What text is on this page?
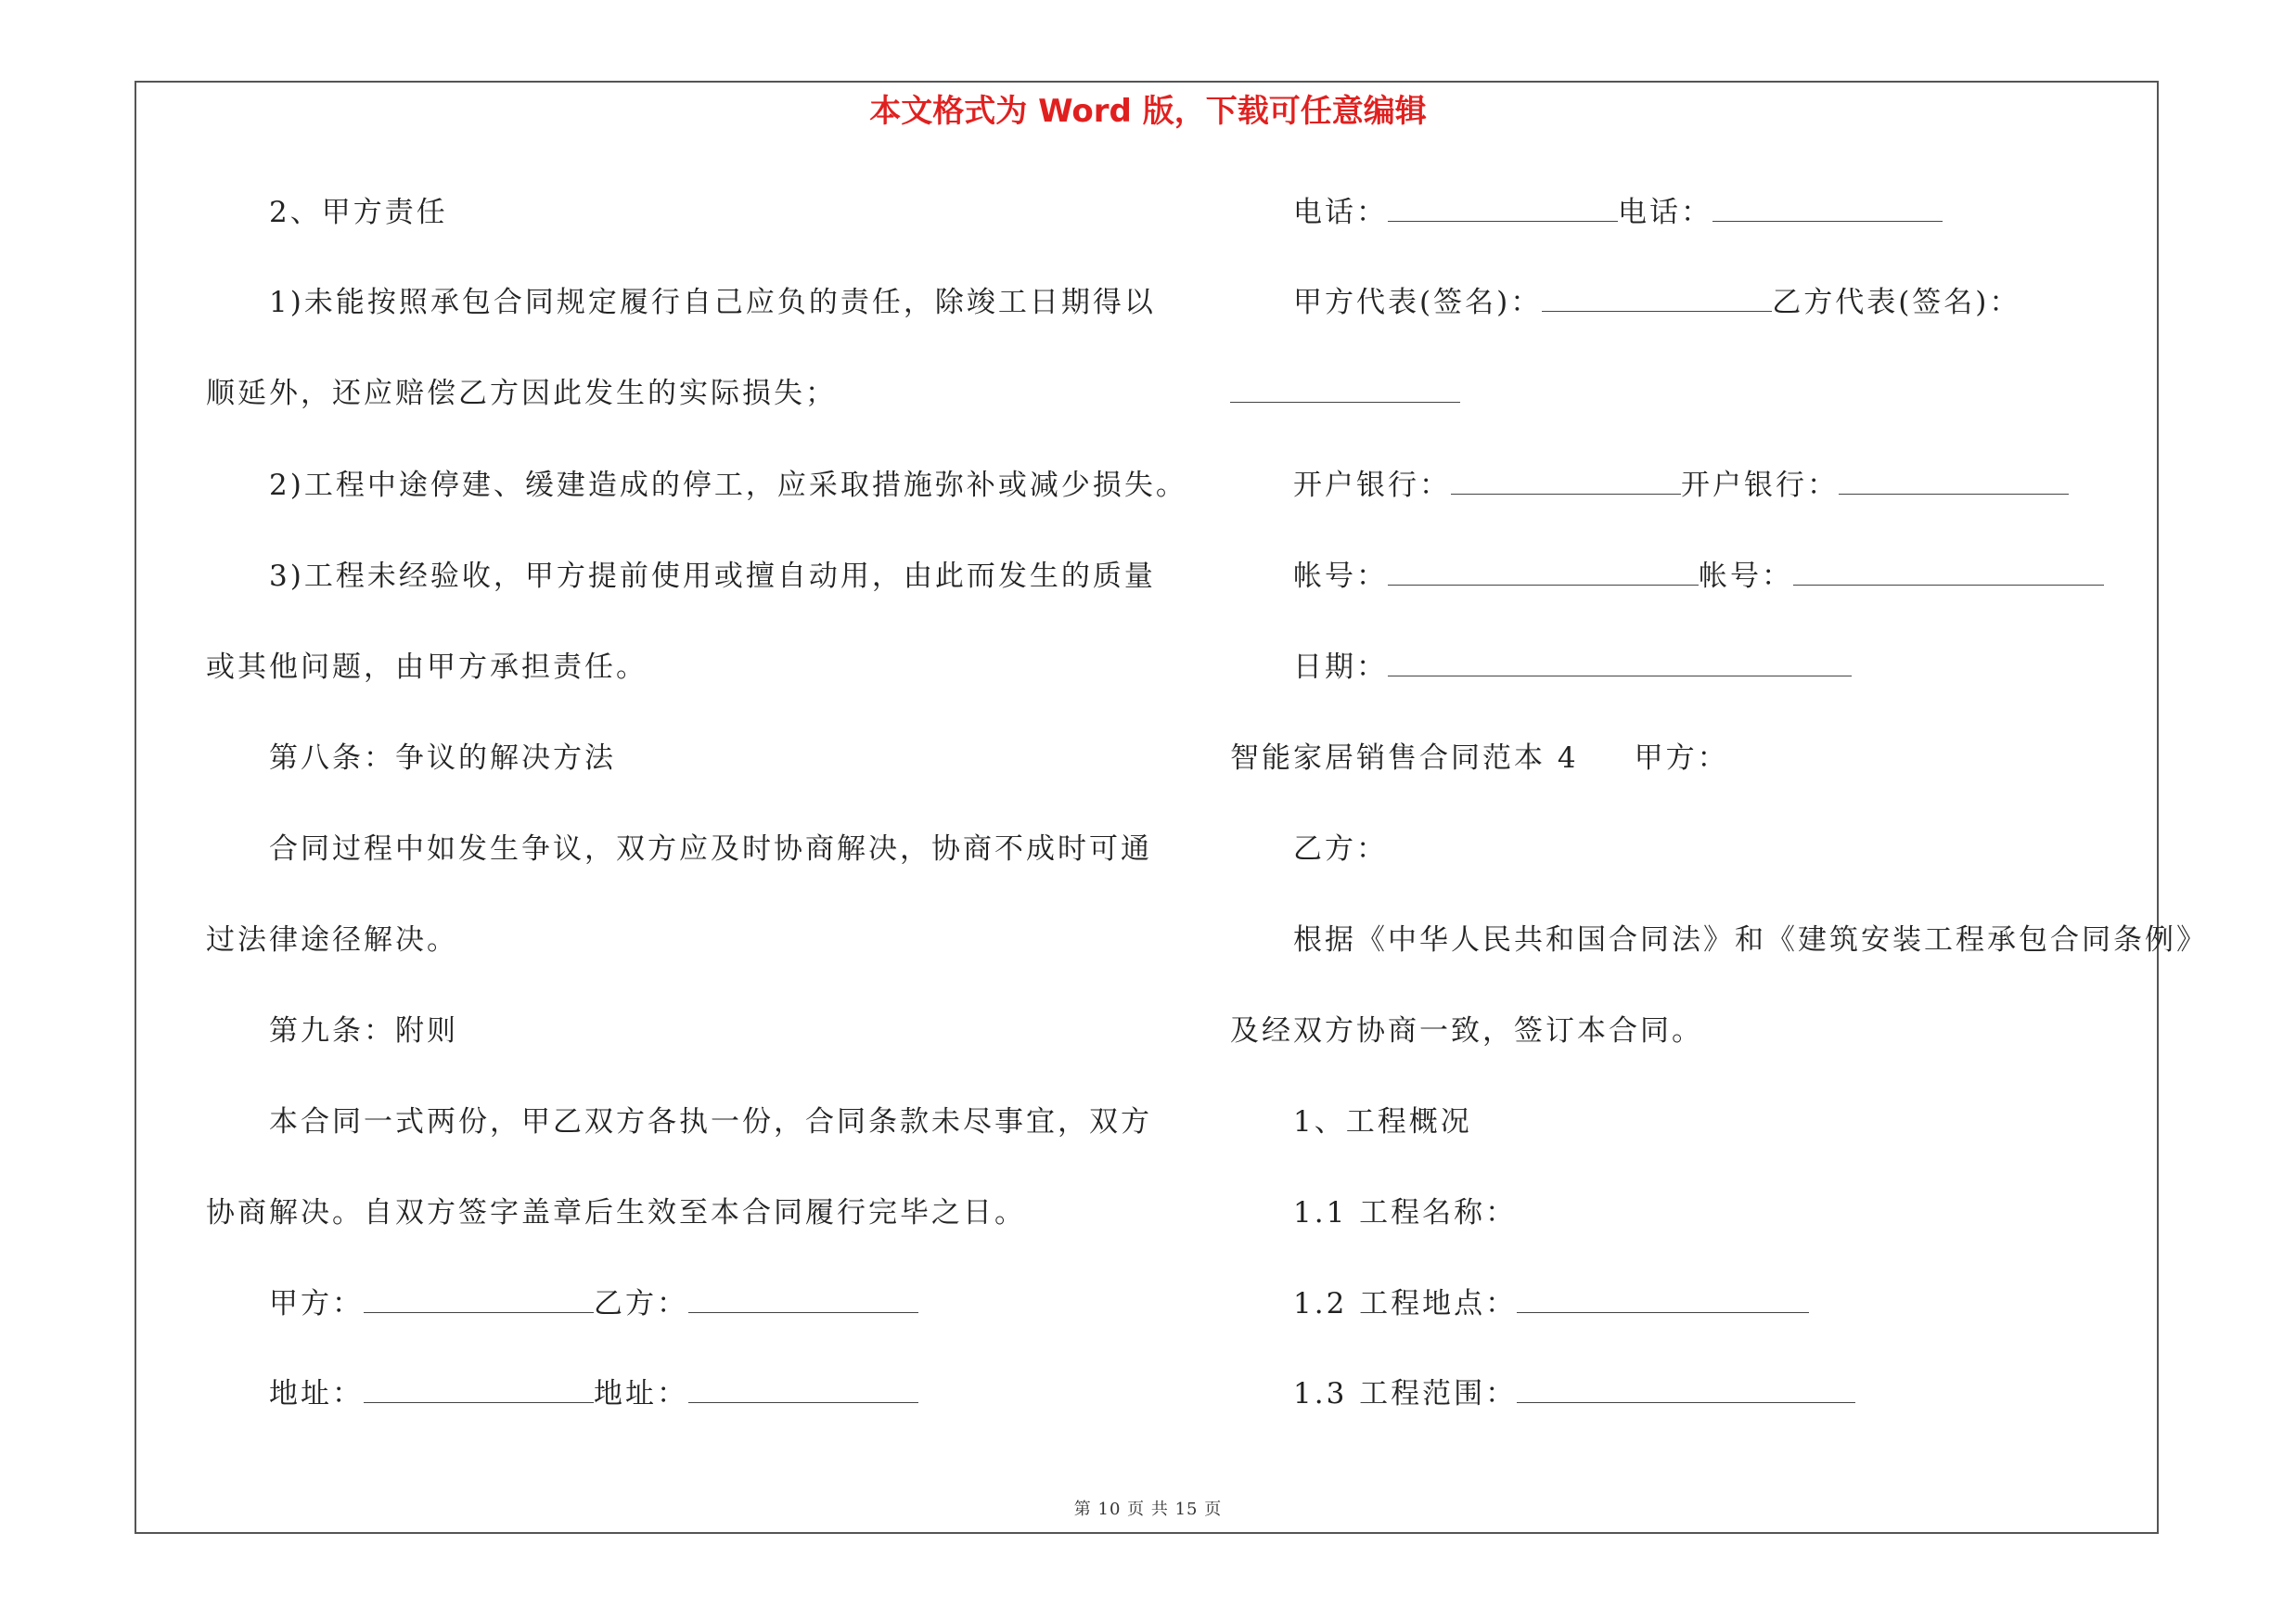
本文格式为 Word 版，下载可任意编辑
2、甲方责任
1)未能按照承包合同规定履行自己应负的责任，除竣工日期得以
顺延外，还应赔偿乙方因此发生的实际损失；
2)工程中途停建、缓建造成的停工，应采取措施弥补或减少损失。
3)工程未经验收，甲方提前使用或擅自动用，由此而发生的质量
或其他问题，由甲方承担责任。
第八条：争议的解决方法
合同过程中如发生争议，双方应及时协商解决，协商不成时可通
过法律途径解决。
第九条：附则
本合同一式两份，甲乙双方各执一份，合同条款未尽事宜，双方
协商解决。自双方签字盖章后生效至本合同履行完毕之日。
甲方：	乙方：
地址：	地址：
电话：	电话：
甲方代表(签名)：	乙方代表(签名)：
开户银行：	开户银行：
帐号：	帐号：
日期：
智能家居销售合同范本 4 甲方：
乙方：
根据《中华人民共和国合同法》和《建筑安装工程承包合同条例》
及经双方协商一致，签订本合同。
1、工程概况
1.1 工程名称：
1.2 工程地点：
1.3 工程范围：
第 10 页 共 15 页
